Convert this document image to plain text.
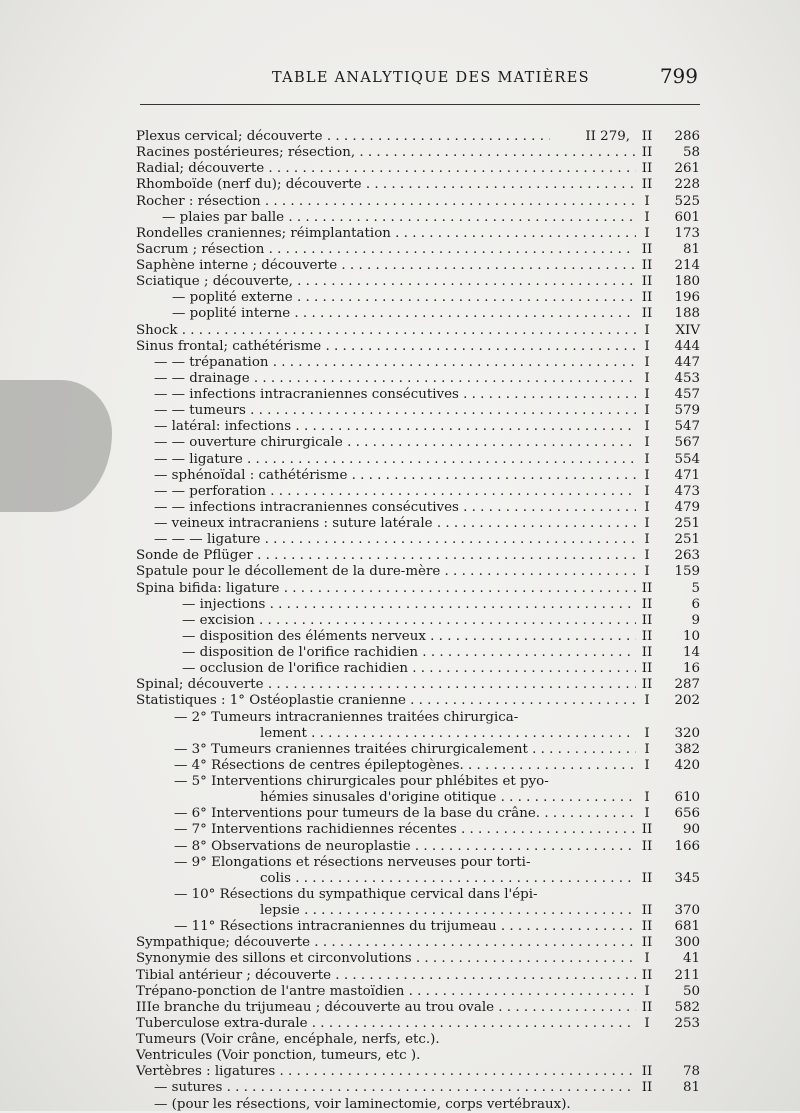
TABLE ANALYTIQUE DES MATIÈRES	799
Plexus cervical; découverte . . .	II 279, II	286
Racines postérieures; résection, . . .	II	58
Radial; découverte . . .	II	261
Rhomboïde (nerf du); découverte . . .	II	228
Rocher : résection . . .	I	525
— plaies par balle . . .	I	601
Rondelles craniennes; réimplantation . . .	I	173
Sacrum ; résection . . .	II	81
Saphène interne ; découverte . . .	II	214
Sciatique ; découverte, . . .	II	180
— poplité externe . . .	II	196
— poplité interne . . .	II	188
Shock . . .	I	XIV
Sinus frontal; cathétérisme . . .	I	444
— — trépanation . . .	I	447
— — drainage . . .	I	453
— — infections intracraniennes consécutives . . .	I	457
— — tumeurs . . .	I	579
— latéral: infections . . .	I	547
— — ouverture chirurgicale . . .	I	567
— — ligature . . .	I	554
— sphénoïdal : cathétérisme . . .	I	471
— — perforation . . .	I	473
— — infections intracraniennes consécutives . . .	I	479
— veineux intracraniens : suture latérale . . .	I	251
— — — ligature . . .	I	251
Sonde de Pflüger . . .	I	263
Spatule pour le décollement de la dure-mère . . .	I	159
Spina bifida: ligature . . .	II	5
— injections . . .	II	6
— excision . . .	II	9
— disposition des éléments nerveux . . .	II	10
— disposition de l'orifice rachidien . . .	II	14
— occlusion de l'orifice rachidien . . .	II	16
Spinal; découverte . . .	II	287
Statistiques : 1° Ostéoplastie cranienne . . .	I	202
— 2° Tumeurs intracraniennes traitées chirurgica-
lement . . .	I	320
— 3° Tumeurs craniennes traitées chirurgicalement . . .	I	382
— 4° Résections de centres épileptogènes. . . .	I	420
— 5° Interventions chirurgicales pour phlébites et pyo-
hémies sinusales d'origine otitique . . .	I	610
— 6° Interventions pour tumeurs de la base du crâne. . . .	I	656
— 7° Interventions rachidiennes récentes . . .	II	90
— 8° Observations de neuroplastie . . .	II	166
— 9° Elongations et résections nerveuses pour torti-
colis . . .	II	345
— 10° Résections du sympathique cervical dans l'épi-
lepsie . . .	II	370
— 11° Résections intracraniennes du trijumeau . . .	II	681
Sympathique; découverte . . .	II	300
Synonymie des sillons et circonvolutions . . .	I	41
Tibial antérieur ; découverte . . .	II	211
Trépano-ponction de l'antre mastoïdien . . .	I	50
IIIe branche du trijumeau ; découverte au trou ovale . . .	II	582
Tuberculose extra-durale . . .	I	253
Tumeurs (Voir crâne, encéphale, nerfs, etc.).
Ventricules (Voir ponction, tumeurs, etc ).
Vertèbres : ligatures . . .	II	78
— sutures . . .	II	81
— (pour les résections, voir laminectomie, corps vertébraux).
